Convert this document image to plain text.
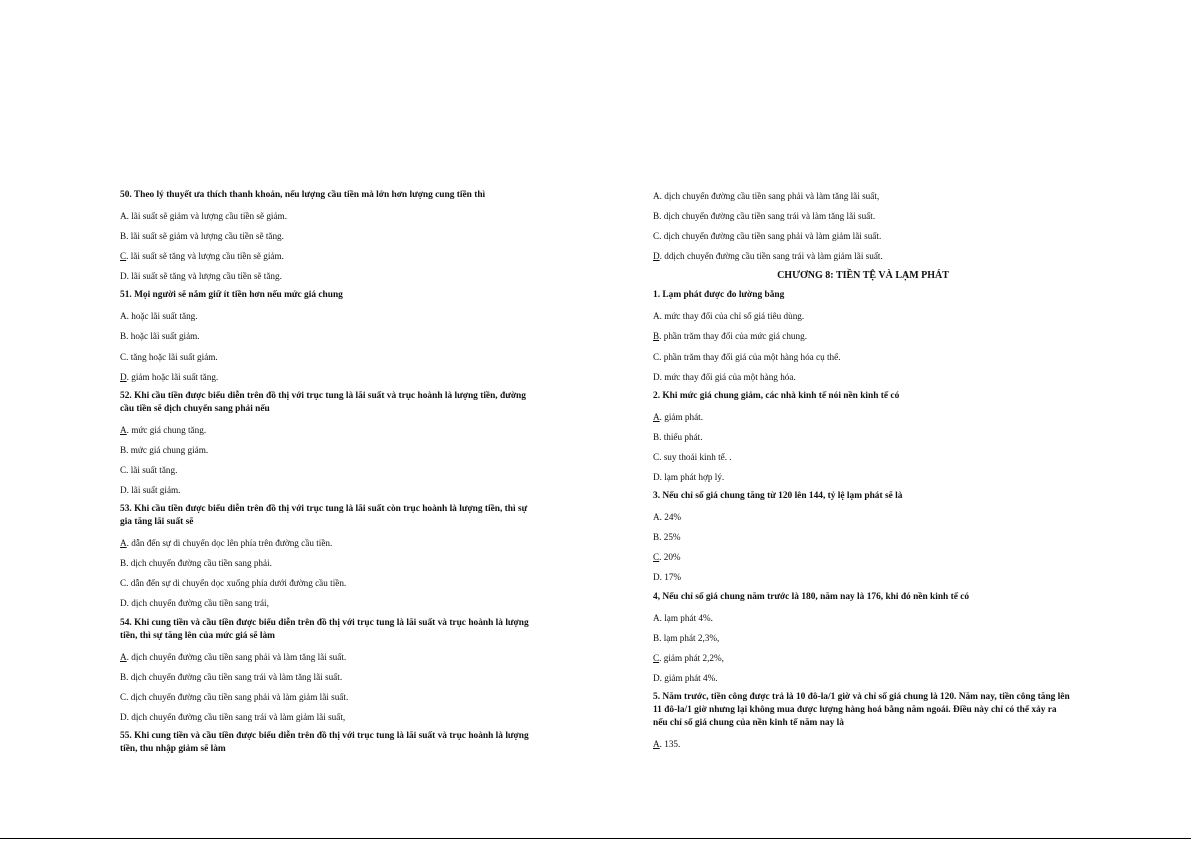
50. Theo lý thuyết ưa thích thanh khoản, nếu lượng cầu tiền mà lớn hơn lượng cung tiền thì
A. lãi suất sẽ giảm và lượng cầu tiền sẽ giảm.
B. lãi suất sẽ giảm và lượng cầu tiền sẽ tăng.
C. lãi suất sẽ tăng và lượng cầu tiền sẽ giảm.
D. lãi suất sẽ tăng và lượng cầu tiền sẽ tăng.
51. Mọi người sẽ nắm giữ ít tiền hơn nếu mức giá chung
A. hoặc lãi suất tăng.
B. hoặc lãi suất giảm.
C. tăng hoặc lãi suất giảm.
D. giảm hoặc lãi suất tăng.
52. Khi cầu tiền được biểu diễn trên đồ thị với trục tung là lãi suất và trục hoành là lượng tiền, đường cầu tiền sẽ dịch chuyển sang phải nếu
A. mức giá chung tăng.
B. mức giá chung giảm.
C. lãi suất tăng.
D. lãi suất giảm.
53. Khi cầu tiền được biểu diễn trên đồ thị với trục tung là lãi suất còn trục hoành là lượng tiền, thì sự gia tăng lãi suất sẽ
A. dẫn đến sự di chuyển dọc lên phía trên đường cầu tiền.
B. dịch chuyển đường cầu tiền sang phải.
C. dẫn đến sự di chuyển dọc xuống phía dưới đường cầu tiền.
D. dịch chuyển đường cầu tiền sang trái,
54. Khi cung tiền và cầu tiền được biểu diễn trên đồ thị với trục tung là lãi suất và trục hoành là lượng tiền, thì sự tăng lên của mức giá sẽ làm
A. dịch chuyển đường cầu tiền sang phải và làm tăng lãi suất.
B. dịch chuyển đường cầu tiền sang trái và làm tăng lãi suất.
C. dịch chuyển đường cầu tiền sang phải và làm giảm lãi suất.
D. dịch chuyển đường cầu tiền sang trái và làm giảm lãi suất,
55. Khi cung tiền và cầu tiền được biểu diễn trên đồ thị với trục tung là lãi suất và trục hoành là lượng tiền, thu nhập giảm sẽ làm
A. dịch chuyển đường cầu tiền sang phải và làm tăng lãi suất,
B. dịch chuyển đường cầu tiền sang trái và làm tăng lãi suất.
C. dịch chuyển đường cầu tiền sang phải và làm giảm lãi suất.
D. ddịch chuyển đường cầu tiền sang trái và làm giảm lãi suất.
CHƯƠNG 8: TIỀN TỆ VÀ LẠM PHÁT
1. Lạm phát được đo lường bằng
A. mức thay đổi của chỉ số giá tiêu dùng.
B. phần trăm thay đổi của mức giá chung.
C. phần trăm thay đổi giá của một hàng hóa cụ thể.
D. mức thay đổi giá của một hàng hóa.
2. Khi mức giá chung giảm, các nhà kinh tế nói nền kinh tế có
A. giảm phát.
B. thiểu phát.
C. suy thoái kinh tế. .
D. lạm phát hợp lý.
3. Nếu chỉ số giá chung tăng từ 120 lên 144, tỷ lệ lạm phát sẽ là
A. 24%
B. 25%
C. 20%
D. 17%
4, Nếu chỉ số giá chung năm trước là 180, năm nay là 176, khi đó nền kinh tế có
A. lạm phát 4%.
B. lạm phát 2,3%,
C. giảm phát 2,2%,
D. giảm phát 4%.
5. Năm trước, tiền công được trả là 10 đô-la/1 giờ và chỉ số giá chung là 120. Năm nay, tiền công tăng lên 11 đô-la/1 giờ nhưng lại không mua được lượng hàng hoá bằng năm ngoái. Điều này chỉ có thể xảy ra nếu chỉ số giá chung của nền kinh tế năm nay là
A. 135.
